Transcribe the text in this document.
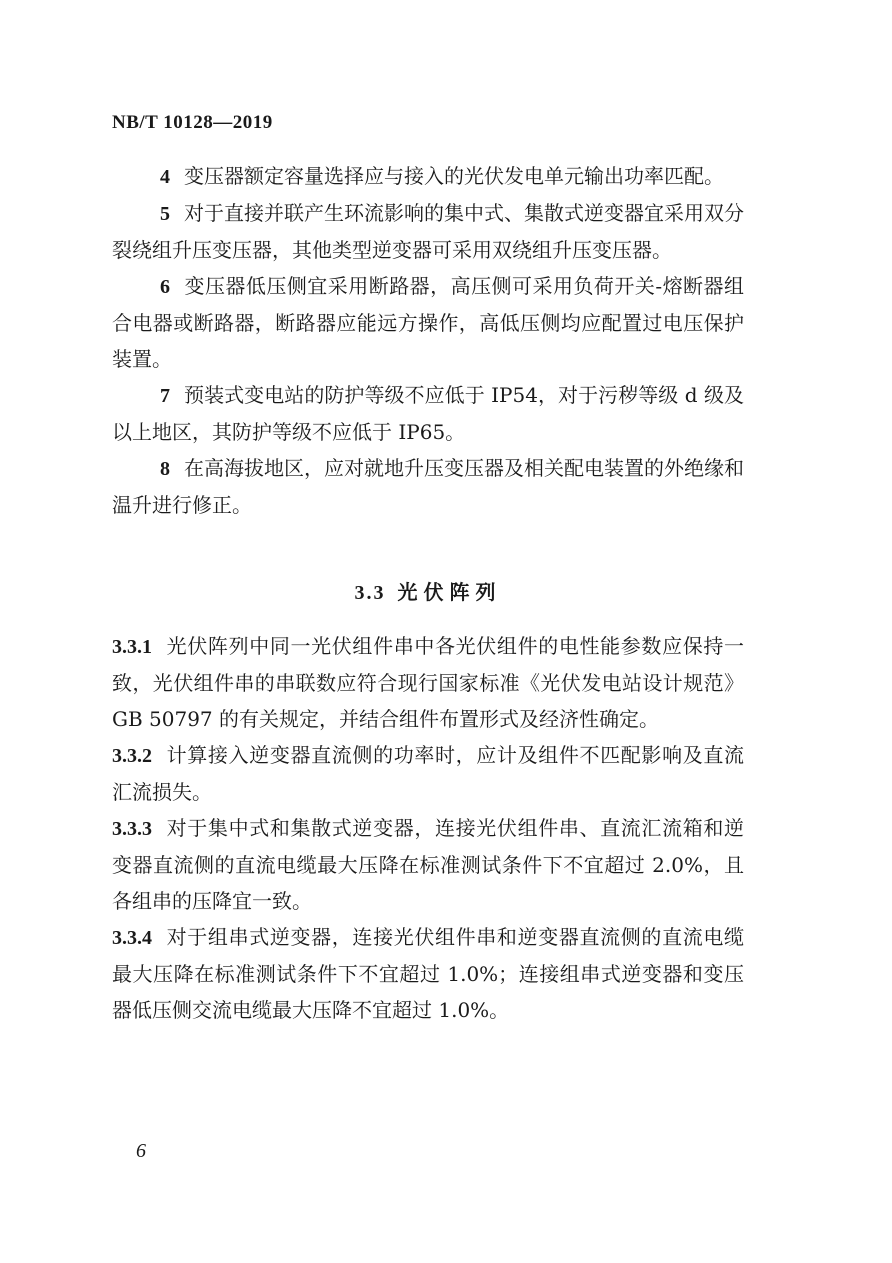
NB/T 10128—2019

4 变压器额定容量选择应与接入的光伏发电单元输出功率匹配。

5 对于直接并联产生环流影响的集中式、集散式逆变器宜采用双分裂绕组升压变压器，其他类型逆变器可采用双绕组升压变压器。

6 变压器低压侧宜采用断路器，高压侧可采用负荷开关-熔断器组合电器或断路器，断路器应能远方操作，高低压侧均应配置过电压保护装置。

7 预装式变电站的防护等级不应低于 IP54，对于污秽等级 d 级及以上地区，其防护等级不应低于 IP65。

8 在高海拔地区，应对就地升压变压器及相关配电装置的外绝缘和温升进行修正。

3.3 光伏阵列

3.3.1 光伏阵列中同一光伏组件串中各光伏组件的电性能参数应保持一致，光伏组件串的串联数应符合现行国家标准《光伏发电站设计规范》GB 50797 的有关规定，并结合组件布置形式及经济性确定。

3.3.2 计算接入逆变器直流侧的功率时，应计及组件不匹配影响及直流汇流损失。

3.3.3 对于集中式和集散式逆变器，连接光伏组件串、直流汇流箱和逆变器直流侧的直流电缆最大压降在标准测试条件下不宜超过 2.0%，且各组串的压降宜一致。

3.3.4 对于组串式逆变器，连接光伏组件串和逆变器直流侧的直流电缆最大压降在标准测试条件下不宜超过 1.0%；连接组串式逆变器和变压器低压侧交流电缆最大压降不宜超过 1.0%。

6
